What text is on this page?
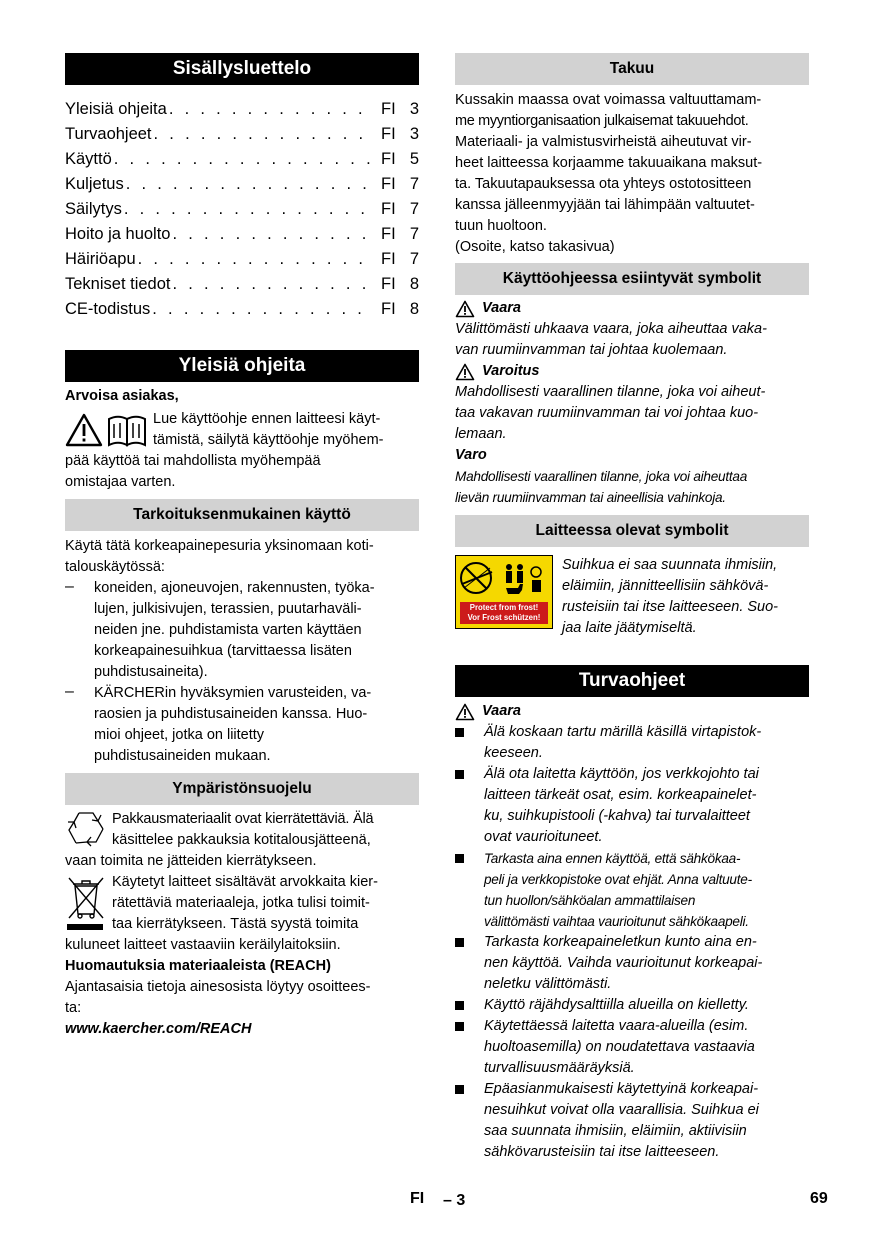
Sisällysluettelo
Yleisiä ohjeita . . .	FI 3
Turvaohjeet . . .	FI 3
Käyttö . . .	FI 5
Kuljetus . . .	FI 7
Säilytys . . .	FI 7
Hoito ja huolto . . .	FI 7
Häiriöapu . . .	FI 7
Tekniset tiedot . . .	FI 8
CE-todistus . . .	FI 8
Yleisiä ohjeita

Arvoisa asiakas,

Lue käyttöohje ennen laitteesi käyt-

tämistä, säilytä käyttöohje myöhem-

pää käyttöä tai mahdollista myöhempää

omistajaa varten.

Tarkoituksenmukainen käyttö

Käytä tätä korkeapainepesuria yksinomaan koti-

talouskäytössä:

–	koneiden, ajoneuvojen, rakennusten, työka-

lujen, julkisivujen, terassien, puutarhaväli-

neiden jne. puhdistamista varten käyttäen

korkeapainesuihkua (tarvittaessa lisäten

puhdistusaineita).

–	KÄRCHERin hyväksymien varusteiden, va-

raosien ja puhdistusaineiden kanssa. Huo-

mioi ohjeet, jotka on liitetty

puhdistusaineiden mukaan.

Ympäristönsuojelu

Pakkausmateriaalit ovat kierrätettäviä. Älä

käsittelee pakkauksia kotitalousjätteenä,

vaan toimita ne jätteiden kierrätykseen.

Käytetyt laitteet sisältävät arvokkaita kier-

rätettäviä materiaaleja, jotka tulisi toimit-

taa kierrätykseen. Tästä syystä toimita

kuluneet laitteet vastaaviin keräilylaitoksiin.

Huomautuksia materiaaleista (REACH)

Ajantasaisia tietoja ainesosista löytyy osoittees-

ta:

www.kaercher.com/REACH

Takuu

Kussakin maassa ovat voimassa valtuuttamam-

me myyntiorganisaation julkaisemat takuuehdot.

Materiaali- ja valmistusvirheistä aiheutuvat vir-

heet laitteessa korjaamme takuuaikana maksut-

ta. Takuutapauksessa ota yhteys ostotositteen

kanssa jälleenmyyjään tai lähimpään valtuutet-

tuun huoltoon.

(Osoite, katso takasivua)

Käyttöohjeessa esiintyvät symbolit
Vaara

Välittömästi uhkaava vaara, joka aiheuttaa vaka-

van ruumiinvamman tai johtaa kuolemaan.

Varoitus

Mahdollisesti vaarallinen tilanne, joka voi aiheut-

taa vakavan ruumiinvamman tai voi johtaa kuo-

lemaan.

Varo

Mahdollisesti vaarallinen tilanne, joka voi aiheuttaa

lievän ruumiinvamman tai aineellisia vahinkoja.

Laitteessa olevat symbolit
Protect from frost!
Vor Frost schützen!

Suihkua ei saa suunnata ihmisiin,

eläimiin, jännitteellisiin sähkövä-

rusteisiin tai itse laitteeseen. Suo-

jaa laite jäätymiseltä.

Turvaohjeet
Vaara

Älä koskaan tartu märillä käsillä virtapistok-

keeseen.

Älä ota laitetta käyttöön, jos verkkojohto tai

laitteen tärkeät osat, esim. korkeapainelet-

ku, suihkupistooli (-kahva) tai turvalaitteet

ovat vaurioituneet.

Tarkasta aina ennen käyttöä, että sähkökaa-

peli ja verkkopistoke ovat ehjät. Anna valtuute-

tun huollon/sähköalan ammattilaisen

välittömästi vaihtaa vaurioitunut sähkökaapeli.

Tarkasta korkeapaineletkun kunto aina en-

nen käyttöä. Vaihda vaurioitunut korkeapai-

neletku välittömästi.

Käyttö räjähdysalttiilla alueilla on kielletty.

Käytettäessä laitetta vaara-alueilla (esim.

huoltoasemilla) on noudatettava vastaavia

turvallisuusmääräyksiä.

Epäasianmukaisesti käytettyinä korkeapai-

nesuihkut voivat olla vaarallisia. Suihkua ei

saa suunnata ihmisiin, eläimiin, aktiivisiin

sähkövarusteisiin tai itse laitteeseen.

FI – 3	69
